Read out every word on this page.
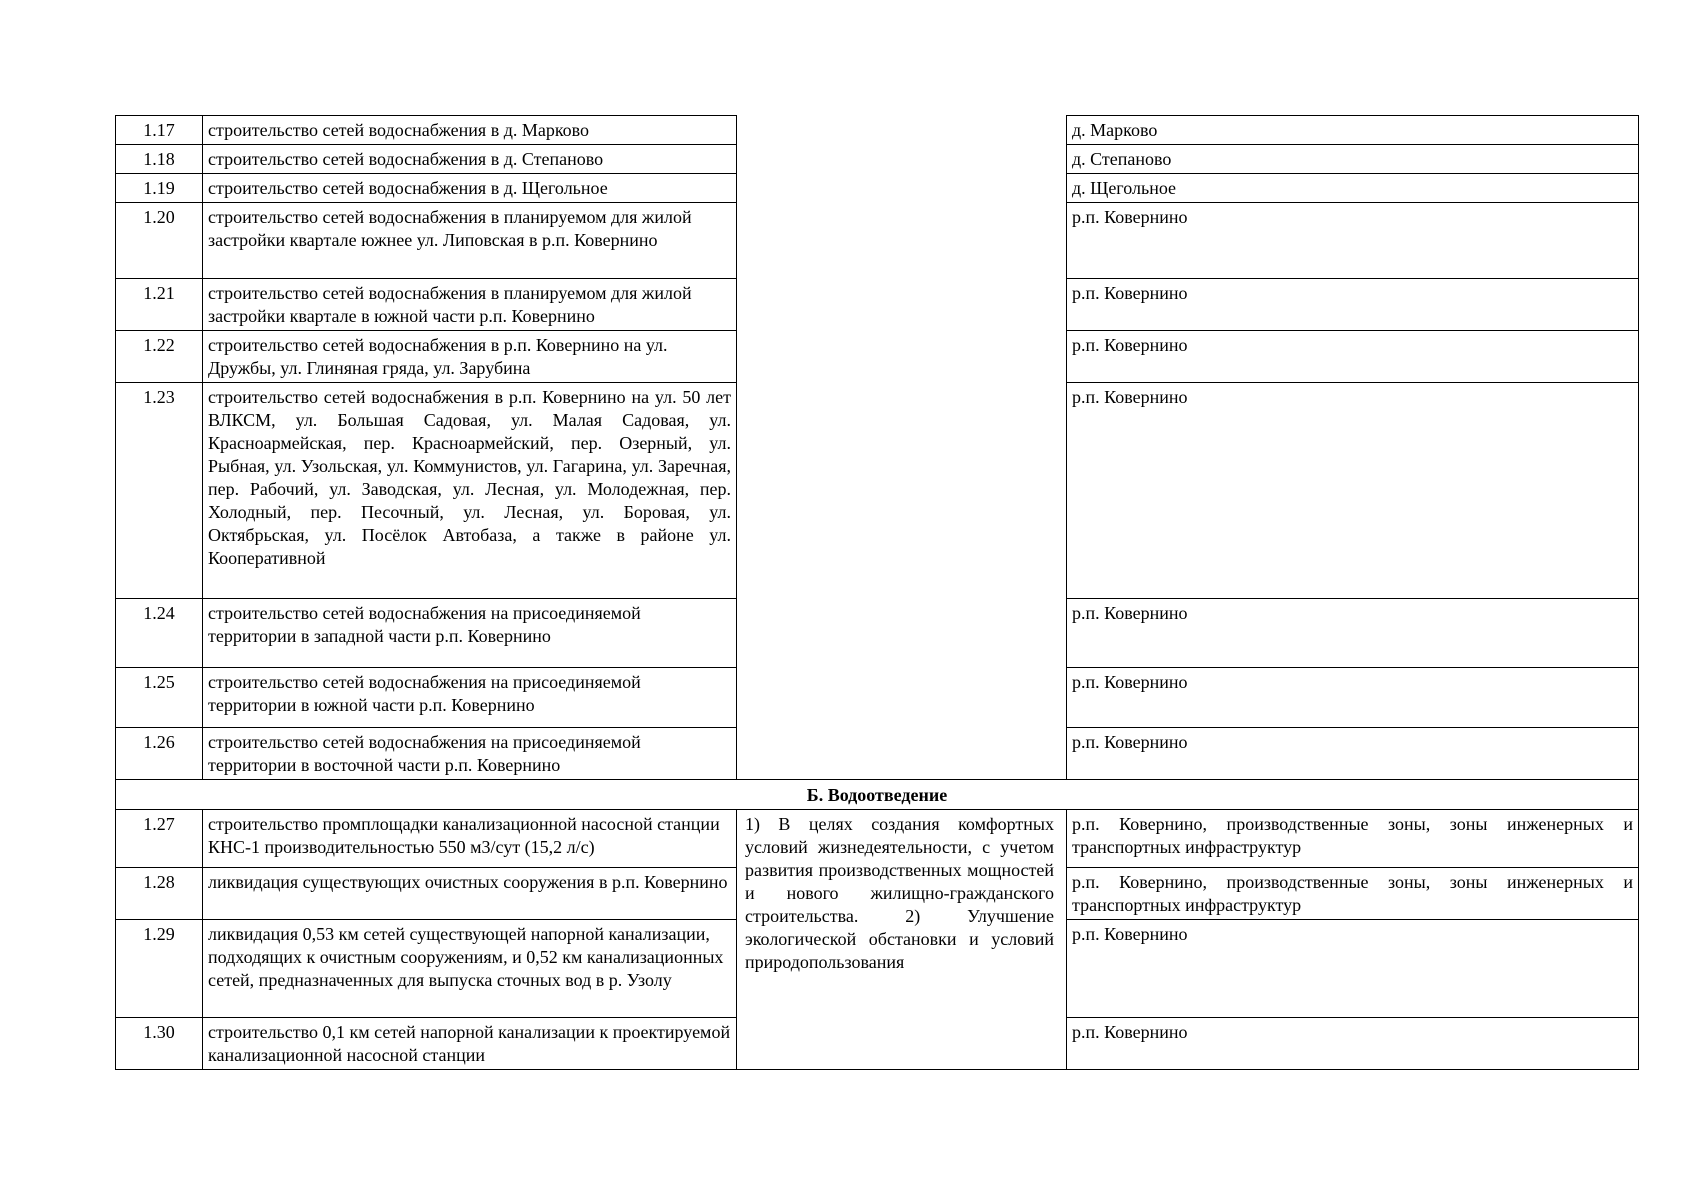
1.17	строительство сетей водоснабжения в д. Марково		д. Марково
1.18	строительство сетей водоснабжения в д. Степаново		д. Степаново
1.19	строительство сетей водоснабжения в д. Щегольное		д. Щегольное
1.20	строительство сетей водоснабжения в планируемом для жилой застройки квартале южнее ул. Липовская в р.п. Ковернино		р.п. Ковернино
1.21	строительство сетей водоснабжения в планируемом для жилой застройки квартале в южной части р.п. Ковернино		р.п. Ковернино
1.22	строительство сетей водоснабжения в р.п. Ковернино на ул. Дружбы, ул. Глиняная гряда, ул. Зарубина		р.п. Ковернино
1.23	строительство сетей водоснабжения в р.п. Ковернино на ул. 50 лет ВЛКСМ, ул. Большая Садовая, ул. Малая Садовая, ул. Красноармейская, пер. Красноармейский, пер. Озерный, ул. Рыбная, ул. Узольская, ул. Коммунистов, ул. Гагарина, ул. Заречная, пер. Рабочий, ул. Заводская, ул. Лесная, ул. Молодежная, пер. Холодный, пер. Песочный, ул. Лесная, ул. Боровая, ул. Октябрьская, ул. Посёлок Автобаза, а также в районе ул. Кооперативной		р.п. Ковернино
1.24	строительство сетей водоснабжения на присоединяемой территории в западной части р.п. Ковернино		р.п. Ковернино
1.25	строительство сетей водоснабжения на присоединяемой территории в южной части р.п. Ковернино		р.п. Ковернино
1.26	строительство сетей водоснабжения на присоединяемой территории в восточной части р.п. Ковернино		р.п. Ковернино
Б. Водоотведение			
1.27	строительство промплощадки канализационной насосной станции КНС-1 производительностью 550 м3/сут (15,2 л/с)	1) В целях создания комфортных условий жизнедеятельности, с учетом развития производственных мощностей и нового жилищно-гражданского строительства. 2) Улучшение экологической обстановки и условий природопользования	р.п. Ковернино, производственные зоны, зоны инженерных и транспортных инфраструктур
1.28	ликвидация существующих очистных сооружения в р.п. Ковернино		р.п. Ковернино, производственные зоны, зоны инженерных и транспортных инфраструктур
1.29	ликвидация 0,53 км сетей существующей напорной канализации, подходящих к очистным сооружениям, и 0,52 км канализационных сетей, предназначенных для выпуска сточных вод в р. Узолу		р.п. Ковернино
1.30	строительство 0,1 км сетей напорной канализации к проектируемой канализационной насосной станции		р.п. Ковернино
